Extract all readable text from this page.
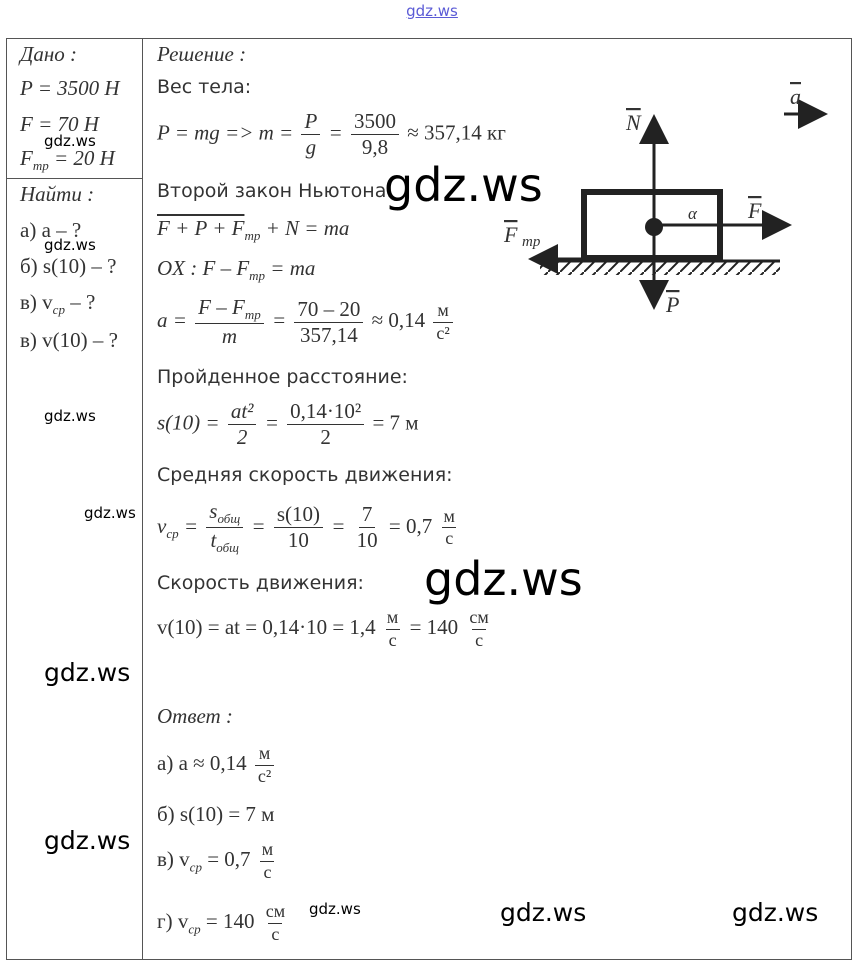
gdz.ws
Дано :
P = 3500 Н
F = 70 Н
$F_{тр} = 20$ Н
Найти :
а) a – ?
б) s(10) – ?
в) $v_{ср}$ – ?
в) v(10) – ?
Решение :
Вес тела:
P = mg => $m = \frac{P}{g} = \frac{3500}{9,8} \approx 357,14$ кг
Второй закон Ньютона:
$F + P + F_{тр} + N$ = ma
OX : F – $F_{тр}$ = ma
$a = \frac{F - F_{тр}}{m} = \frac{70 - 20}{357,14} \approx 0,14 \frac{м}{\text{с²}}$
Пройденное расстояние:
$s(10) = \frac{\text{at²}}{2} = \frac{\text{0,14·10²}}{2} = 7$ м
Средняя скорость движения:
$v_{ср} = \frac{s_{общ}}{t_{общ}} = \frac{s(10)}{10} = \frac{7}{10} = 0,7 \frac{м}{с}$
Скорость движения:
v(10) = at = $0,14\cdot 10 = 1,4 \frac{м}{с} = 140 \frac{см}{с}$
Ответ :
а) $a \approx 0,14 \frac{м}{\text{с²}}$
б) s(10) = 7 м
в) $v_{ср} = 0,7 \frac{м}{с}$
г) $v_{ср} = 140 \frac{см}{с}$
N
F
α
F тр
P
a
gdz.ws
gdz.ws
gdz.ws
gdz.ws
gdz.ws
gdz.ws
gdz.ws
gdz.ws
gdz.ws	gdz.ws
gdz.ws
